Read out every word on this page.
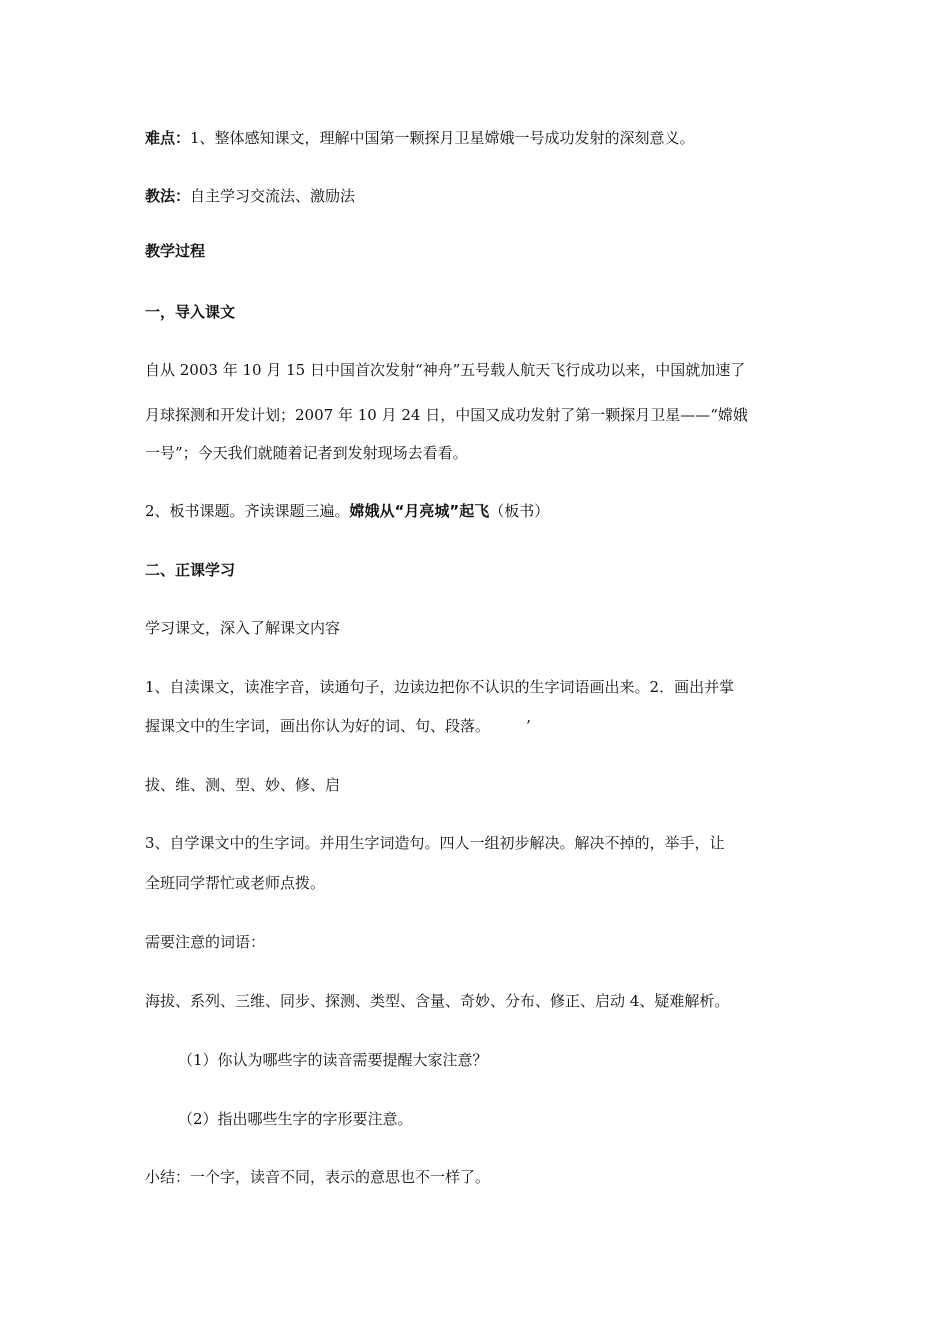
难点：1、整体感知课文，理解中国第一颗探月卫星嫦娥一号成功发射的深刻意义。
教法：自主学习交流法、激励法
教学过程
一，导入课文
自从 2003 年 10 月 15 日中国首次发射“神舟”五号载人航天飞行成功以来，中国就加速了
月球探测和开发计划；2007 年 10 月 24 日，中国又成功发射了第一颗探月卫星——“嫦娥
一号”；今天我们就随着记者到发射现场去看看。
2、板书课题。齐读课题三遍。嫦娥从“月亮城”起飞（板书）
二、正课学习
学习课文，深入了解课文内容
1、自渎课文，读准字音，读通句子，边读边把你不认识的生字词语画出来。2．画出并掌
握课文中的生字词，画出你认为好的词、句、段落。 ’
拔、维、测、型、妙、修、启
3、自学课文中的生字词。并用生字词造句。四人一组初步解决。解决不掉的，举手，让
全班同学帮忙或老师点拨。
需要注意的词语：
海拔、系列、三维、同步、探测、类型、含量、奇妙、分布、修正、启动 4、疑难解析。
（1）你认为哪些字的读音需要提醒大家注意？
（2）指出哪些生字的字形要注意。
小结：一个字，读音不同，表示的意思也不一样了。
